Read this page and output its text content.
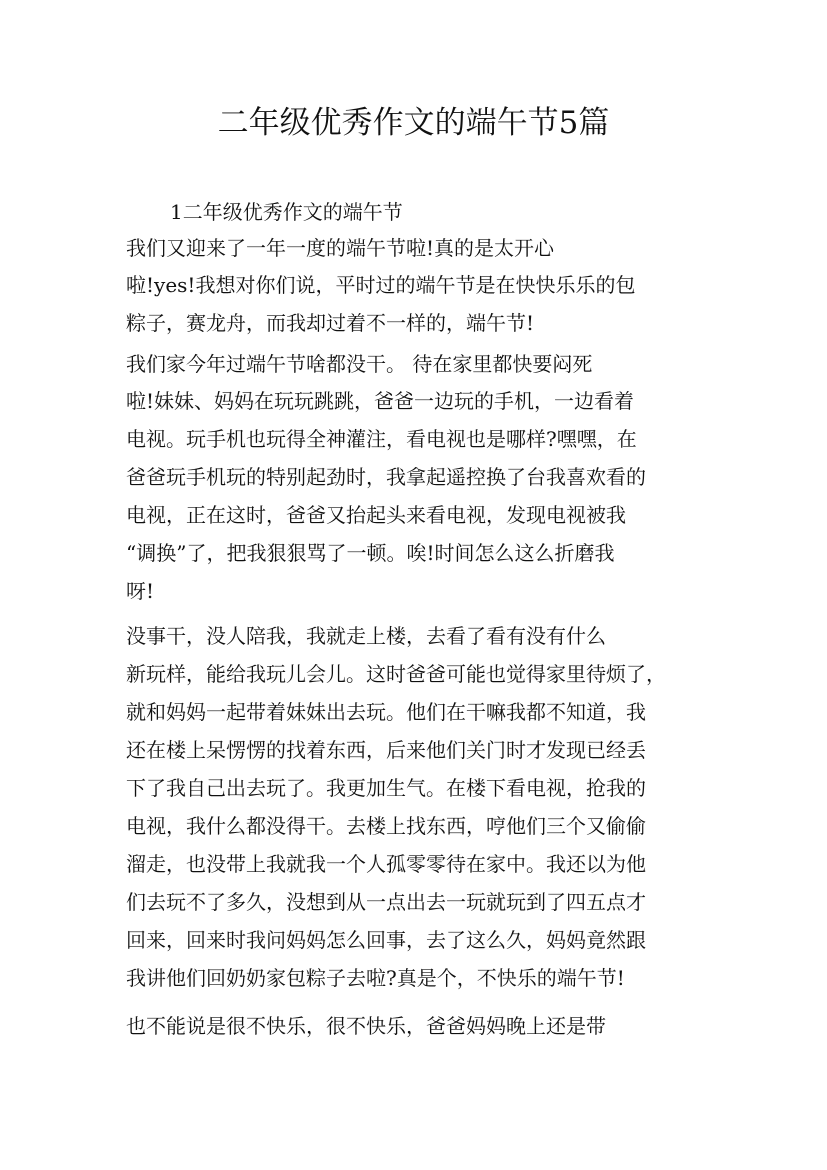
二年级优秀作文的端午节5篇
1二年级优秀作文的端午节
我们又迎来了一年一度的端午节啦!真的是太开心
啦!yes!我想对你们说，平时过的端午节是在快快乐乐的包
粽子，赛龙舟，而我却过着不一样的，端午节!
我们家今年过端午节啥都没干。 待在家里都快要闷死
啦!妹妹、妈妈在玩玩跳跳，爸爸一边玩的手机，一边看着
电视。玩手机也玩得全神灌注，看电视也是哪样?嘿嘿，在
爸爸玩手机玩的特别起劲时，我拿起遥控换了台我喜欢看的
电视，正在这时，爸爸又抬起头来看电视，发现电视被我
“调换”了，把我狠狠骂了一顿。唉!时间怎么这么折磨我
呀!
没事干，没人陪我，我就走上楼，去看了看有没有什么
新玩样，能给我玩儿会儿。这时爸爸可能也觉得家里待烦了，
就和妈妈一起带着妹妹出去玩。他们在干嘛我都不知道，我
还在楼上呆愣愣的找着东西，后来他们关门时才发现已经丢
下了我自己出去玩了。我更加生气。在楼下看电视，抢我的
电视，我什么都没得干。去楼上找东西，哼他们三个又偷偷
溜走，也没带上我就我一个人孤零零待在家中。我还以为他
们去玩不了多久，没想到从一点出去一玩就玩到了四五点才
回来，回来时我问妈妈怎么回事，去了这么久，妈妈竟然跟
我讲他们回奶奶家包粽子去啦?真是个，不快乐的端午节!
也不能说是很不快乐，很不快乐，爸爸妈妈晚上还是带
